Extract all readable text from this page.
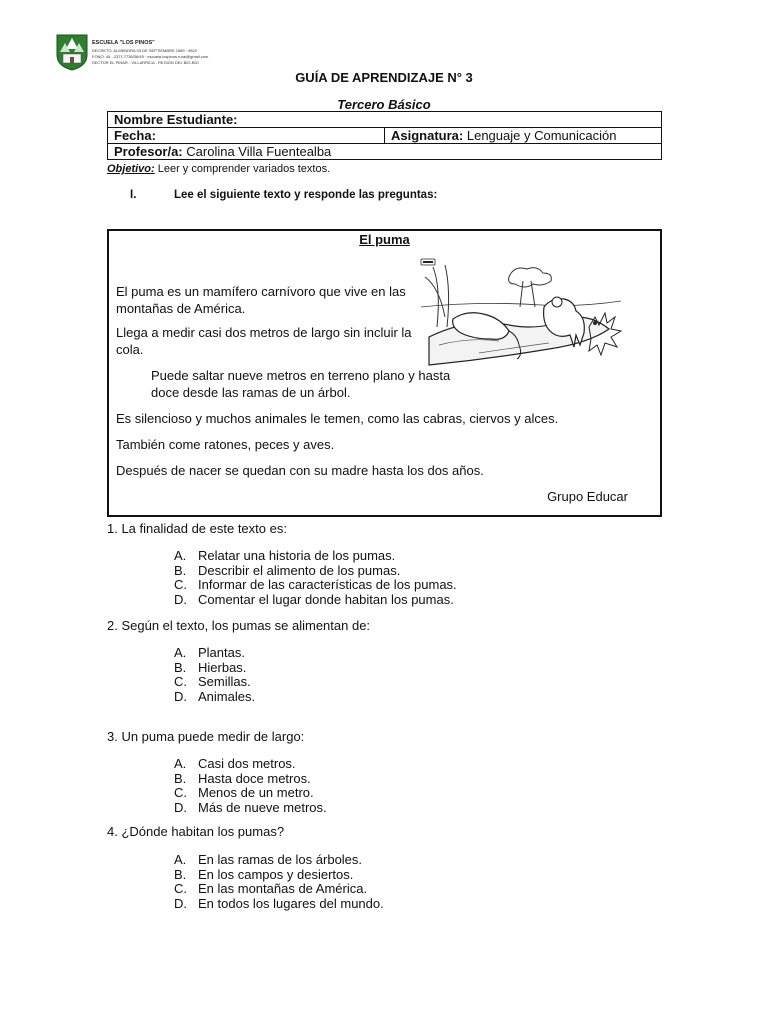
ESCUELA "LOS PINOS"
DECRETO: ALMENDRA 03 DE SEPTIEMBRE 1989 · 9822
FONO: 45 - 2371 7736/36/45 · escuela.lospinos.rural@gmail.com
SECTOR EL PINAR - VILLARRICA - REGIÓN DEL BÍO-BÍO
GUÍA DE APRENDIZAJE N° 3
Tercero Básico
Nombre Estudiante:
Fecha:	Asignatura: Lenguaje y Comunicación
Profesor/a: Carolina Villa Fuentealba
Objetivo: Leer y comprender variados textos.
I.	Lee el siguiente texto y responde las preguntas:
El puma
El puma es un mamífero carnívoro que vive en las montañas de América.
Llega a medir casi dos metros de largo sin incluir la cola.
Puede saltar nueve metros en terreno plano y hasta doce desde las ramas de un árbol.
Es silencioso y muchos animales le temen, como las cabras, ciervos y alces.
También come ratones, peces y aves.
Después de nacer se quedan con su madre hasta los dos años.
Grupo Educar
1. La finalidad de este texto es:
A. Relatar una historia de los pumas.
B. Describir el alimento de los pumas.
C. Informar de las características de los pumas.
D. Comentar el lugar donde habitan los pumas.
2. Según el texto, los pumas se alimentan de:
A. Plantas.
B. Hierbas.
C. Semillas.
D. Animales.
3. Un puma puede medir de largo:
A. Casi dos metros.
B. Hasta doce metros.
C. Menos de un metro.
D. Más de nueve metros.
4. ¿Dónde habitan los pumas?
A. En las ramas de los árboles.
B. En los campos y desiertos.
C. En las montañas de América.
D. En todos los lugares del mundo.
